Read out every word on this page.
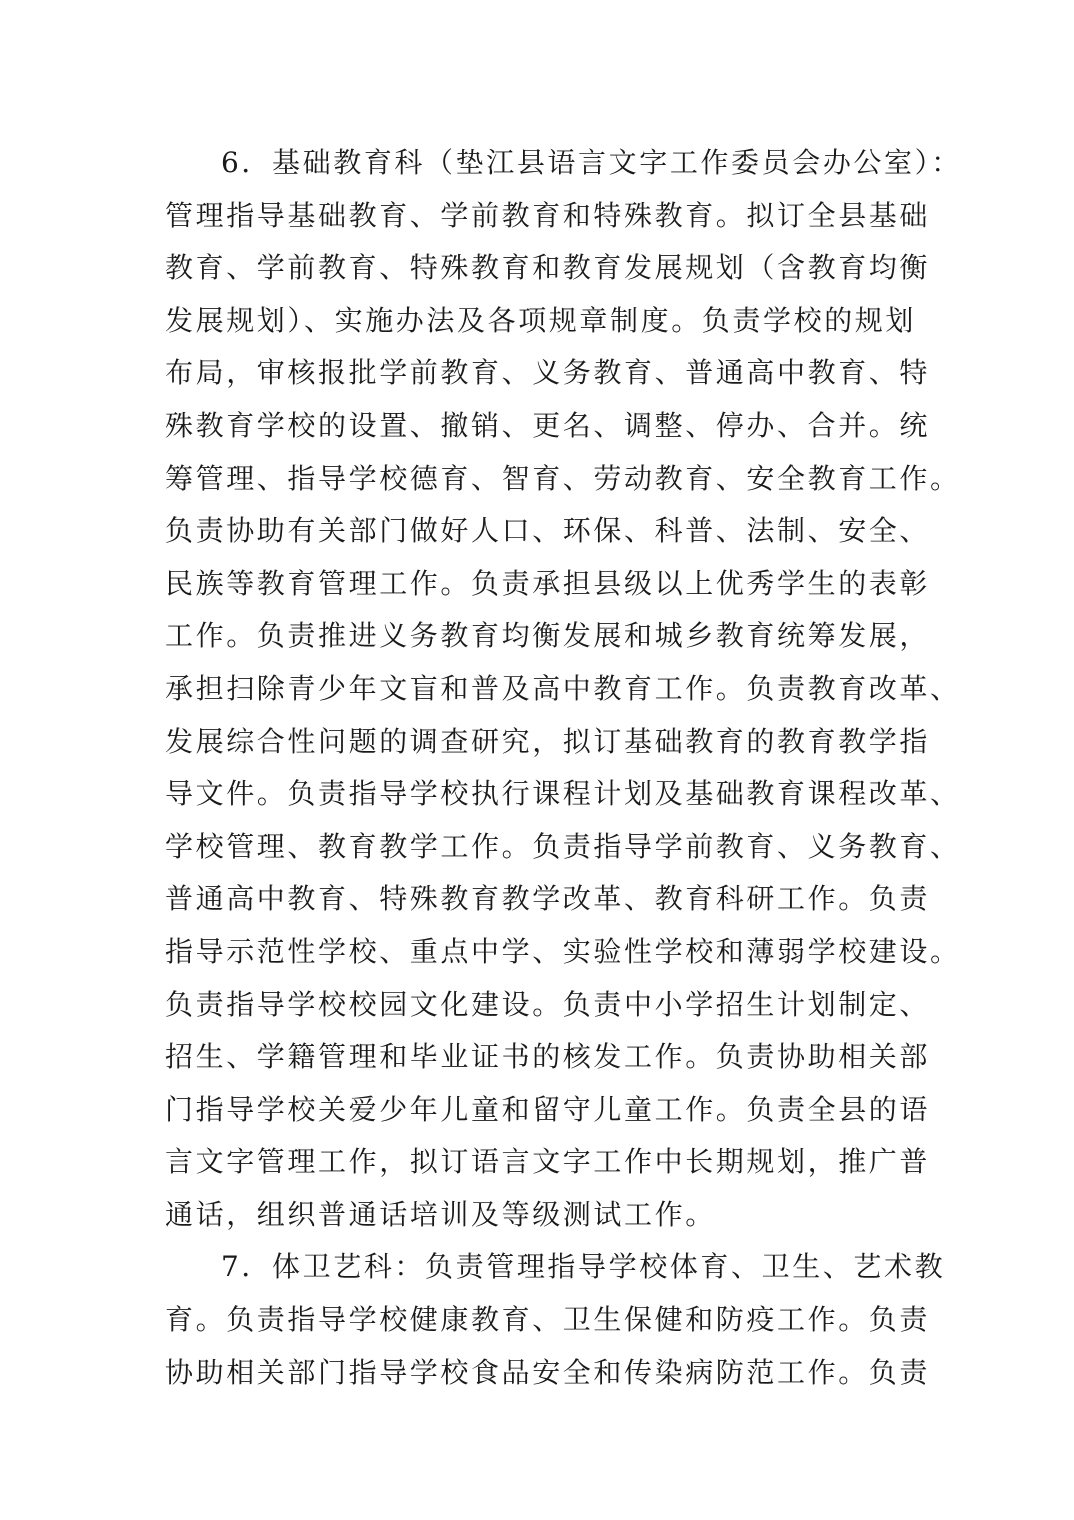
6．基础教育科（垫江县语言文字工作委员会办公室）：
管理指导基础教育、学前教育和特殊教育。拟订全县基础
教育、学前教育、特殊教育和教育发展规划（含教育均衡
发展规划）、实施办法及各项规章制度。负责学校的规划
布局，审核报批学前教育、义务教育、普通高中教育、特
殊教育学校的设置、撤销、更名、调整、停办、合并。统
筹管理、指导学校德育、智育、劳动教育、安全教育工作。
负责协助有关部门做好人口、环保、科普、法制、安全、
民族等教育管理工作。负责承担县级以上优秀学生的表彰
工作。负责推进义务教育均衡发展和城乡教育统筹发展，
承担扫除青少年文盲和普及高中教育工作。负责教育改革、
发展综合性问题的调查研究，拟订基础教育的教育教学指
导文件。负责指导学校执行课程计划及基础教育课程改革、
学校管理、教育教学工作。负责指导学前教育、义务教育、
普通高中教育、特殊教育教学改革、教育科研工作。负责
指导示范性学校、重点中学、实验性学校和薄弱学校建设。
负责指导学校校园文化建设。负责中小学招生计划制定、
招生、学籍管理和毕业证书的核发工作。负责协助相关部
门指导学校关爱少年儿童和留守儿童工作。负责全县的语
言文字管理工作，拟订语言文字工作中长期规划，推广普
通话，组织普通话培训及等级测试工作。
7．体卫艺科：负责管理指导学校体育、卫生、艺术教
育。负责指导学校健康教育、卫生保健和防疫工作。负责
协助相关部门指导学校食品安全和传染病防范工作。负责
